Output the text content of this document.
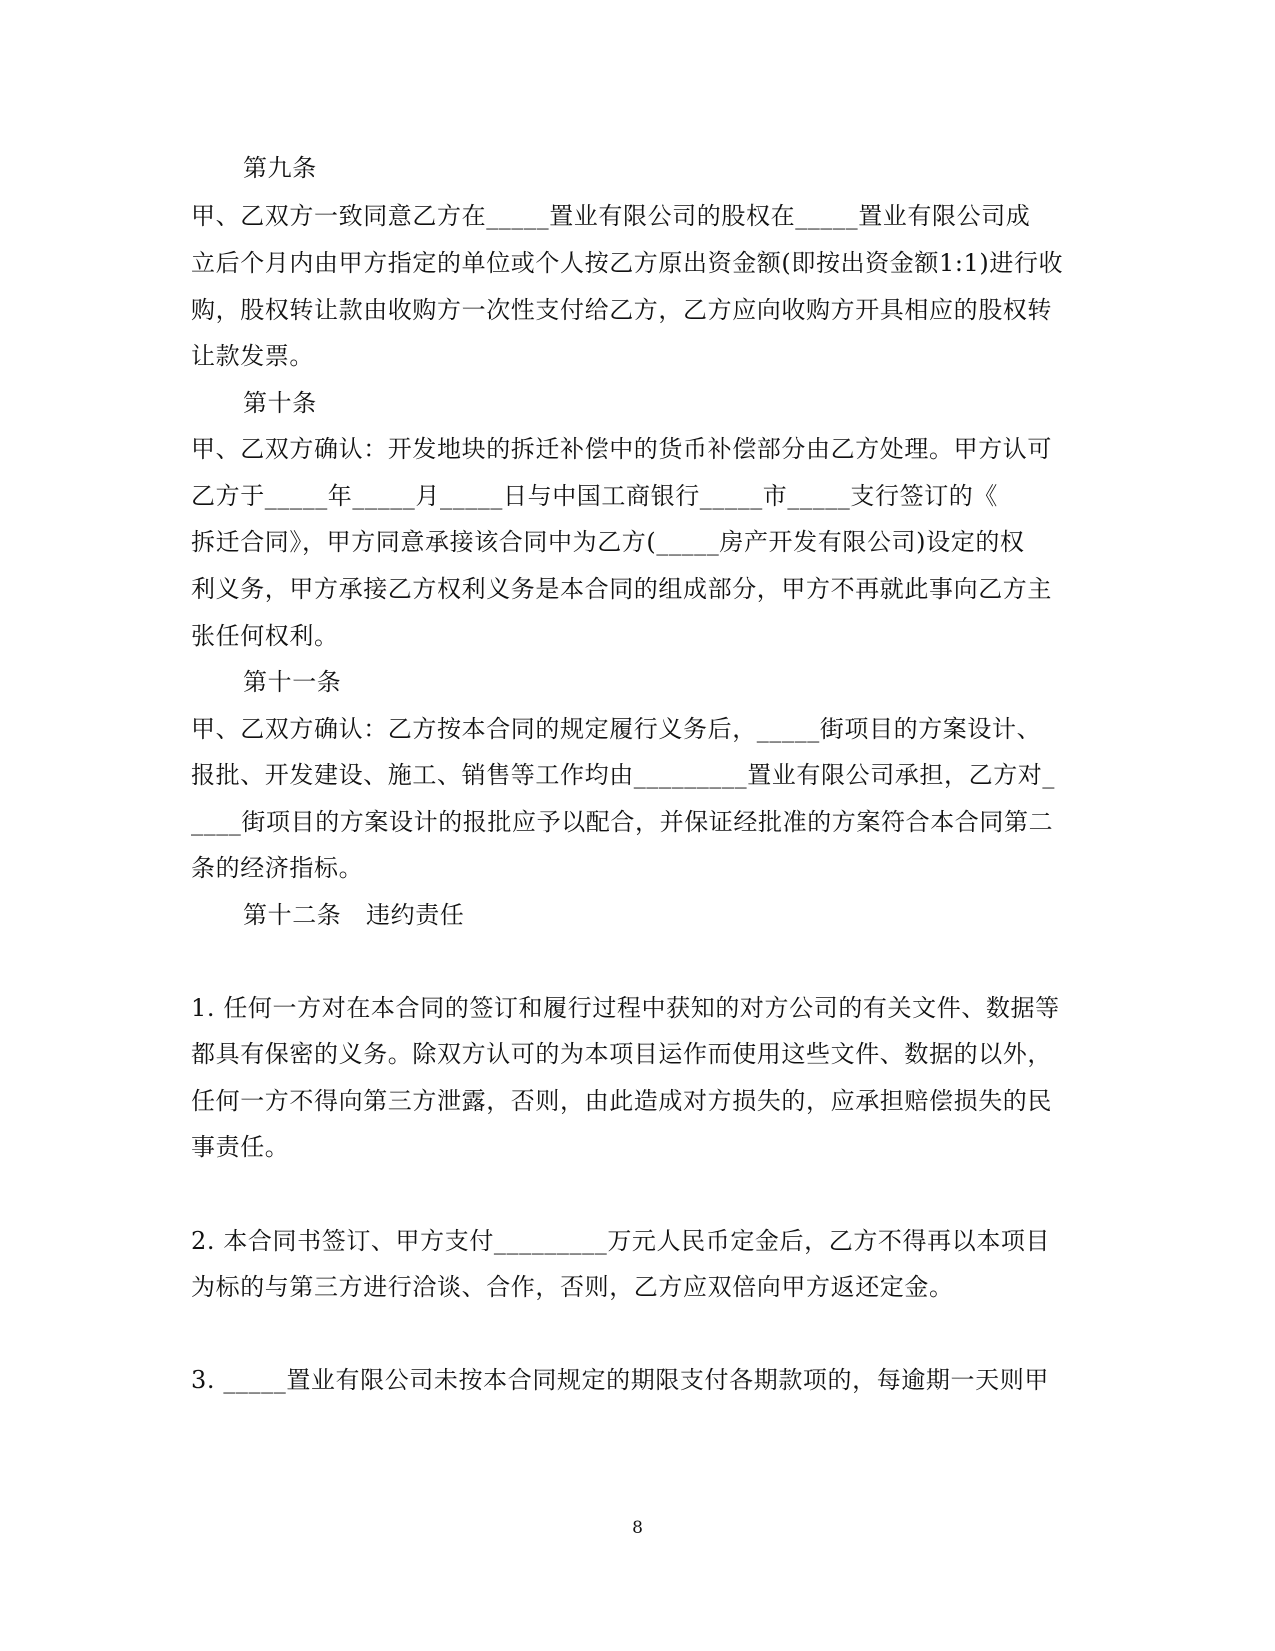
第九条
甲、乙双方一致同意乙方在_____置业有限公司的股权在_____置业有限公司成
立后个月内由甲方指定的单位或个人按乙方原出资金额(即按出资金额1:1)进行收
购，股权转让款由收购方一次性支付给乙方，乙方应向收购方开具相应的股权转
让款发票。
第十条
甲、乙双方确认：开发地块的拆迁补偿中的货币补偿部分由乙方处理。甲方认可
乙方于_____年_____月_____日与中国工商银行_____市_____支行签订的《
拆迁合同》，甲方同意承接该合同中为乙方(_____房产开发有限公司)设定的权
利义务，甲方承接乙方权利义务是本合同的组成部分，甲方不再就此事向乙方主
张任何权利。
第十一条
甲、乙双方确认：乙方按本合同的规定履行义务后，_____街项目的方案设计、
报批、开发建设、施工、销售等工作均由_________置业有限公司承担，乙方对_
____街项目的方案设计的报批应予以配合，并保证经批准的方案符合本合同第二
条的经济指标。
第十二条　违约责任
1. 任何一方对在本合同的签订和履行过程中获知的对方公司的有关文件、数据等
都具有保密的义务。除双方认可的为本项目运作而使用这些文件、数据的以外，
任何一方不得向第三方泄露，否则，由此造成对方损失的，应承担赔偿损失的民
事责任。
2. 本合同书签订、甲方支付_________万元人民币定金后，乙方不得再以本项目
为标的与第三方进行洽谈、合作，否则，乙方应双倍向甲方返还定金。
3. _____置业有限公司未按本合同规定的期限支付各期款项的，每逾期一天则甲
8
